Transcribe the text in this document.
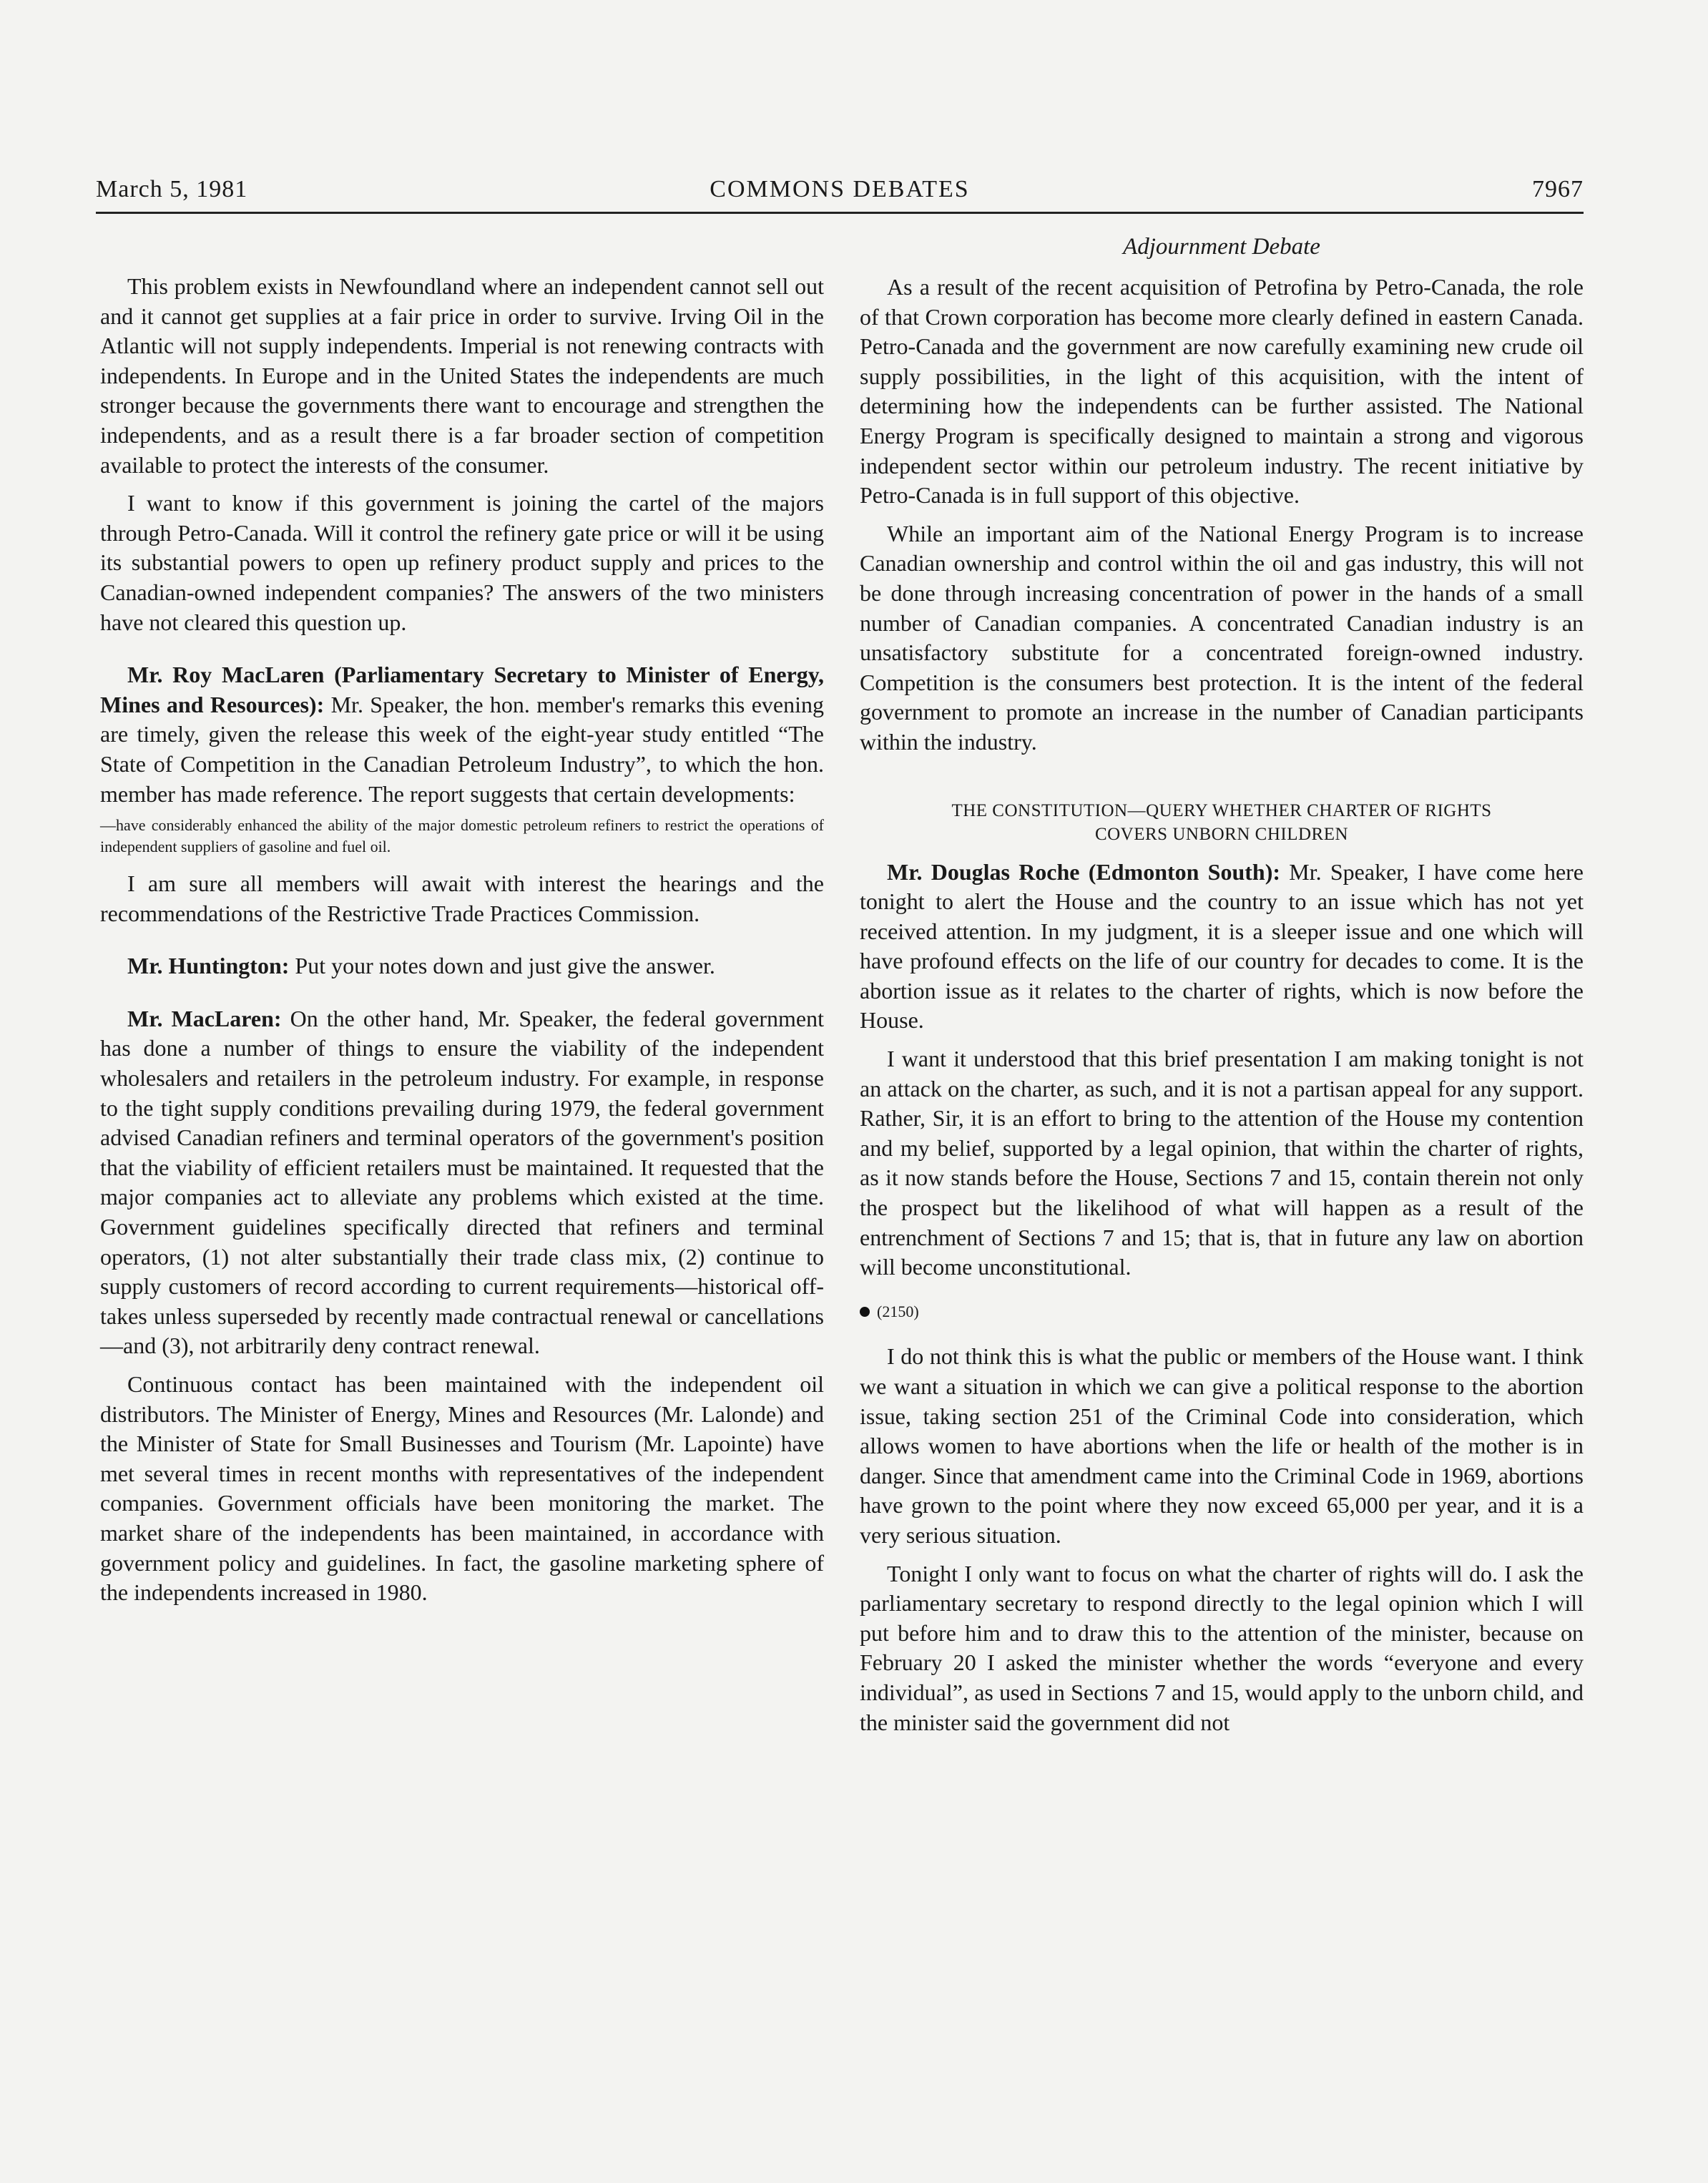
March 5, 1981	COMMONS DEBATES	7967

This problem exists in Newfoundland where an independent cannot sell out and it cannot get supplies at a fair price in order to survive. Irving Oil in the Atlantic will not supply independents. Imperial is not renewing contracts with independents. In Europe and in the United States the independents are much stronger because the governments there want to encourage and strengthen the independents, and as a result there is a far broader section of competition available to protect the interests of the consumer.

I want to know if this government is joining the cartel of the majors through Petro-Canada. Will it control the refinery gate price or will it be using its substantial powers to open up refinery product supply and prices to the Canadian-owned independent companies? The answers of the two ministers have not cleared this question up.

Mr. Roy MacLaren (Parliamentary Secretary to Minister of Energy, Mines and Resources): Mr. Speaker, the hon. member's remarks this evening are timely, given the release this week of the eight-year study entitled “The State of Competition in the Canadian Petroleum Industry”, to which the hon. member has made reference. The report suggests that certain developments:

—have considerably enhanced the ability of the major domestic petroleum refiners to restrict the operations of independent suppliers of gasoline and fuel oil.

I am sure all members will await with interest the hearings and the recommendations of the Restrictive Trade Practices Commission.

Mr. Huntington: Put your notes down and just give the answer.

Mr. MacLaren: On the other hand, Mr. Speaker, the federal government has done a number of things to ensure the viability of the independent wholesalers and retailers in the petroleum industry. For example, in response to the tight supply conditions prevailing during 1979, the federal government advised Canadian refiners and terminal operators of the government's position that the viability of efficient retailers must be maintained. It requested that the major companies act to alleviate any problems which existed at the time. Government guidelines specifically directed that refiners and terminal operators, (1) not alter substantially their trade class mix, (2) continue to supply customers of record according to current requirements—historical off-takes unless superseded by recently made contractual renewal or cancellations—and (3), not arbitrarily deny contract renewal.

Continuous contact has been maintained with the independent oil distributors. The Minister of Energy, Mines and Resources (Mr. Lalonde) and the Minister of State for Small Businesses and Tourism (Mr. Lapointe) have met several times in recent months with representatives of the independent companies. Government officials have been monitoring the market. The market share of the independents has been maintained, in accordance with government policy and guidelines. In fact, the gasoline marketing sphere of the independents increased in 1980.

Adjournment Debate

As a result of the recent acquisition of Petrofina by Petro-Canada, the role of that Crown corporation has become more clearly defined in eastern Canada. Petro-Canada and the government are now carefully examining new crude oil supply possibilities, in the light of this acquisition, with the intent of determining how the independents can be further assisted. The National Energy Program is specifically designed to maintain a strong and vigorous independent sector within our petroleum industry. The recent initiative by Petro-Canada is in full support of this objective.

While an important aim of the National Energy Program is to increase Canadian ownership and control within the oil and gas industry, this will not be done through increasing concentration of power in the hands of a small number of Canadian companies. A concentrated Canadian industry is an unsatisfactory substitute for a concentrated foreign-owned industry. Competition is the consumers best protection. It is the intent of the federal government to promote an increase in the number of Canadian participants within the industry.

THE CONSTITUTION—QUERY WHETHER CHARTER OF RIGHTS
COVERS UNBORN CHILDREN

Mr. Douglas Roche (Edmonton South): Mr. Speaker, I have come here tonight to alert the House and the country to an issue which has not yet received attention. In my judgment, it is a sleeper issue and one which will have profound effects on the life of our country for decades to come. It is the abortion issue as it relates to the charter of rights, which is now before the House.

I want it understood that this brief presentation I am making tonight is not an attack on the charter, as such, and it is not a partisan appeal for any support. Rather, Sir, it is an effort to bring to the attention of the House my contention and my belief, supported by a legal opinion, that within the charter of rights, as it now stands before the House, Sections 7 and 15, contain therein not only the prospect but the likelihood of what will happen as a result of the entrenchment of Sections 7 and 15; that is, that in future any law on abortion will become unconstitutional.

(2150)

I do not think this is what the public or members of the House want. I think we want a situation in which we can give a political response to the abortion issue, taking section 251 of the Criminal Code into consideration, which allows women to have abortions when the life or health of the mother is in danger. Since that amendment came into the Criminal Code in 1969, abortions have grown to the point where they now exceed 65,000 per year, and it is a very serious situation.

Tonight I only want to focus on what the charter of rights will do. I ask the parliamentary secretary to respond directly to the legal opinion which I will put before him and to draw this to the attention of the minister, because on February 20 I asked the minister whether the words “everyone and every individual”, as used in Sections 7 and 15, would apply to the unborn child, and the minister said the government did not
